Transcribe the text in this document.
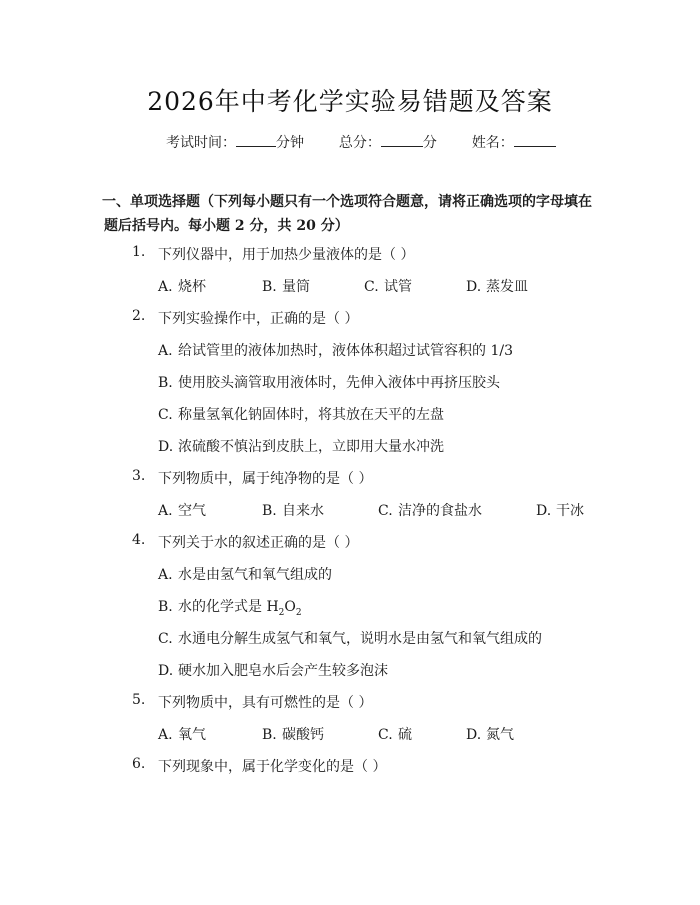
2026年中考化学实验易错题及答案
考试时间：	分钟 总分：	分 姓名：
一、单项选择题（下列每小题只有一个选项符合题意，请将正确选项的字母填在
题后括号内。每小题 2 分，共 20 分）
1. 下列仪器中，用于加热少量液体的是（ ）
A. 烧杯	B. 量筒	C. 试管	D. 蒸发皿
2. 下列实验操作中，正确的是（ ）
A. 给试管里的液体加热时，液体体积超过试管容积的 1/3
B. 使用胶头滴管取用液体时，先伸入液体中再挤压胶头
C. 称量氢氧化钠固体时，将其放在天平的左盘
D. 浓硫酸不慎沾到皮肤上，立即用大量水冲洗
3. 下列物质中，属于纯净物的是（ ）
A. 空气	B. 自来水	C. 洁净的食盐水	D. 干冰
4. 下列关于水的叙述正确的是（ ）
A. 水是由氢气和氧气组成的
B. 水的化学式是 $H_2O_2$
C. 水通电分解生成氢气和氧气，说明水是由氢气和氧气组成的
D. 硬水加入肥皂水后会产生较多泡沫
5. 下列物质中，具有可燃性的是（ ）
A. 氧气	B. 碳酸钙	C. 硫	D. 氮气
6. 下列现象中，属于化学变化的是（ ）
